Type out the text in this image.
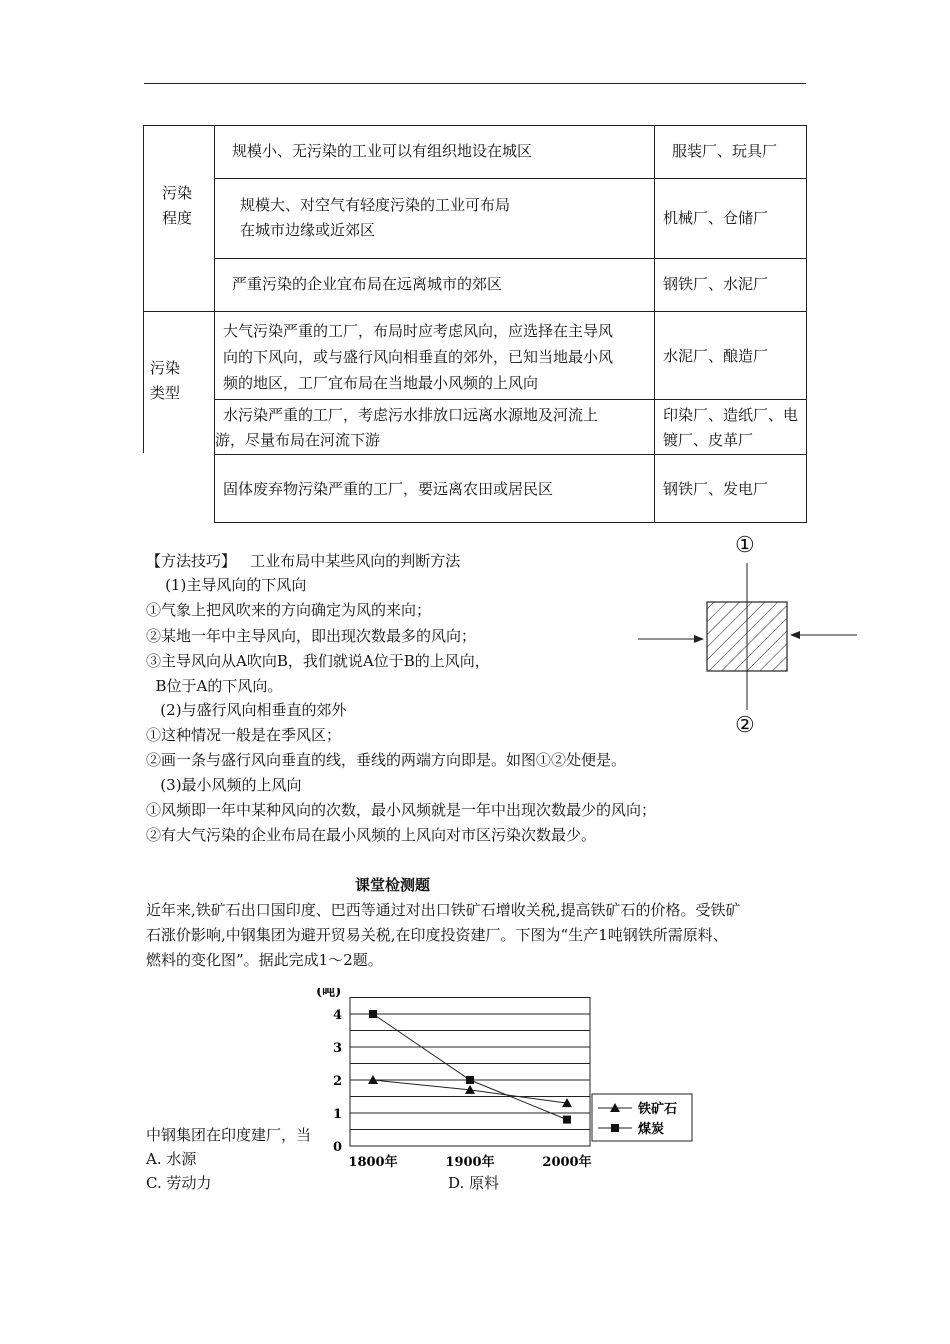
污染
程度
污染
类型
规模小、无污染的工业可以有组织地设在城区	服装厂、玩具厂
规模大、对空气有轻度污染的工业可布局
在城市边缘或近郊区
机械厂、仓储厂
严重污染的企业宜布局在远离城市的郊区	钢铁厂、水泥厂
大气污染严重的工厂，布局时应考虑风向，应选择在主导风
向的下风向，或与盛行风向相垂直的郊外，已知当地最小风
频的地区，工厂宜布局在当地最小风频的上风向
水泥厂、酿造厂
水污染严重的工厂，考虑污水排放口远离水源地及河流上
游，尽量布局在河流下游
印染厂、造纸厂、电
镀厂、皮革厂
固体废弃物污染严重的工厂，要远离农田或居民区	钢铁厂、发电厂
【方法技巧】   工业布局中某些风向的判断方法
(1)主导风向的下风向
①气象上把风吹来的方向确定为风的来向；
②某地一年中主导风向，即出现次数最多的风向；
③主导风向从A吹向B，我们就说A位于B的上风向，
B位于A的下风向。
(2)与盛行风向相垂直的郊外
①这种情况一般是在季风区；
②画一条与盛行风向垂直的线，垂线的两端方向即是。如图①②处便是。
(3)最小风频的上风向
①风频即一年中某种风向的次数，最小风频就是一年中出现次数最少的风向；
②有大气污染的企业布局在最小风频的上风向对市区污染次数最少。
①
②
课堂检测题
近年来,铁矿石出口国印度、巴西等通过对出口铁矿石增收关税,提高铁矿石的价格。受铁矿
石涨价影响,中钢集团为避开贸易关税,在印度投资建厂。下图为“生产1吨钢铁所需原料、
燃料的变化图”。据此完成1～2题。
中钢集团在印度建厂，当
A. 水源
C. 劳动力	D. 原料
0
1
2
3
4
(吨)
1800年	1900年	2000年
铁矿石
煤炭
